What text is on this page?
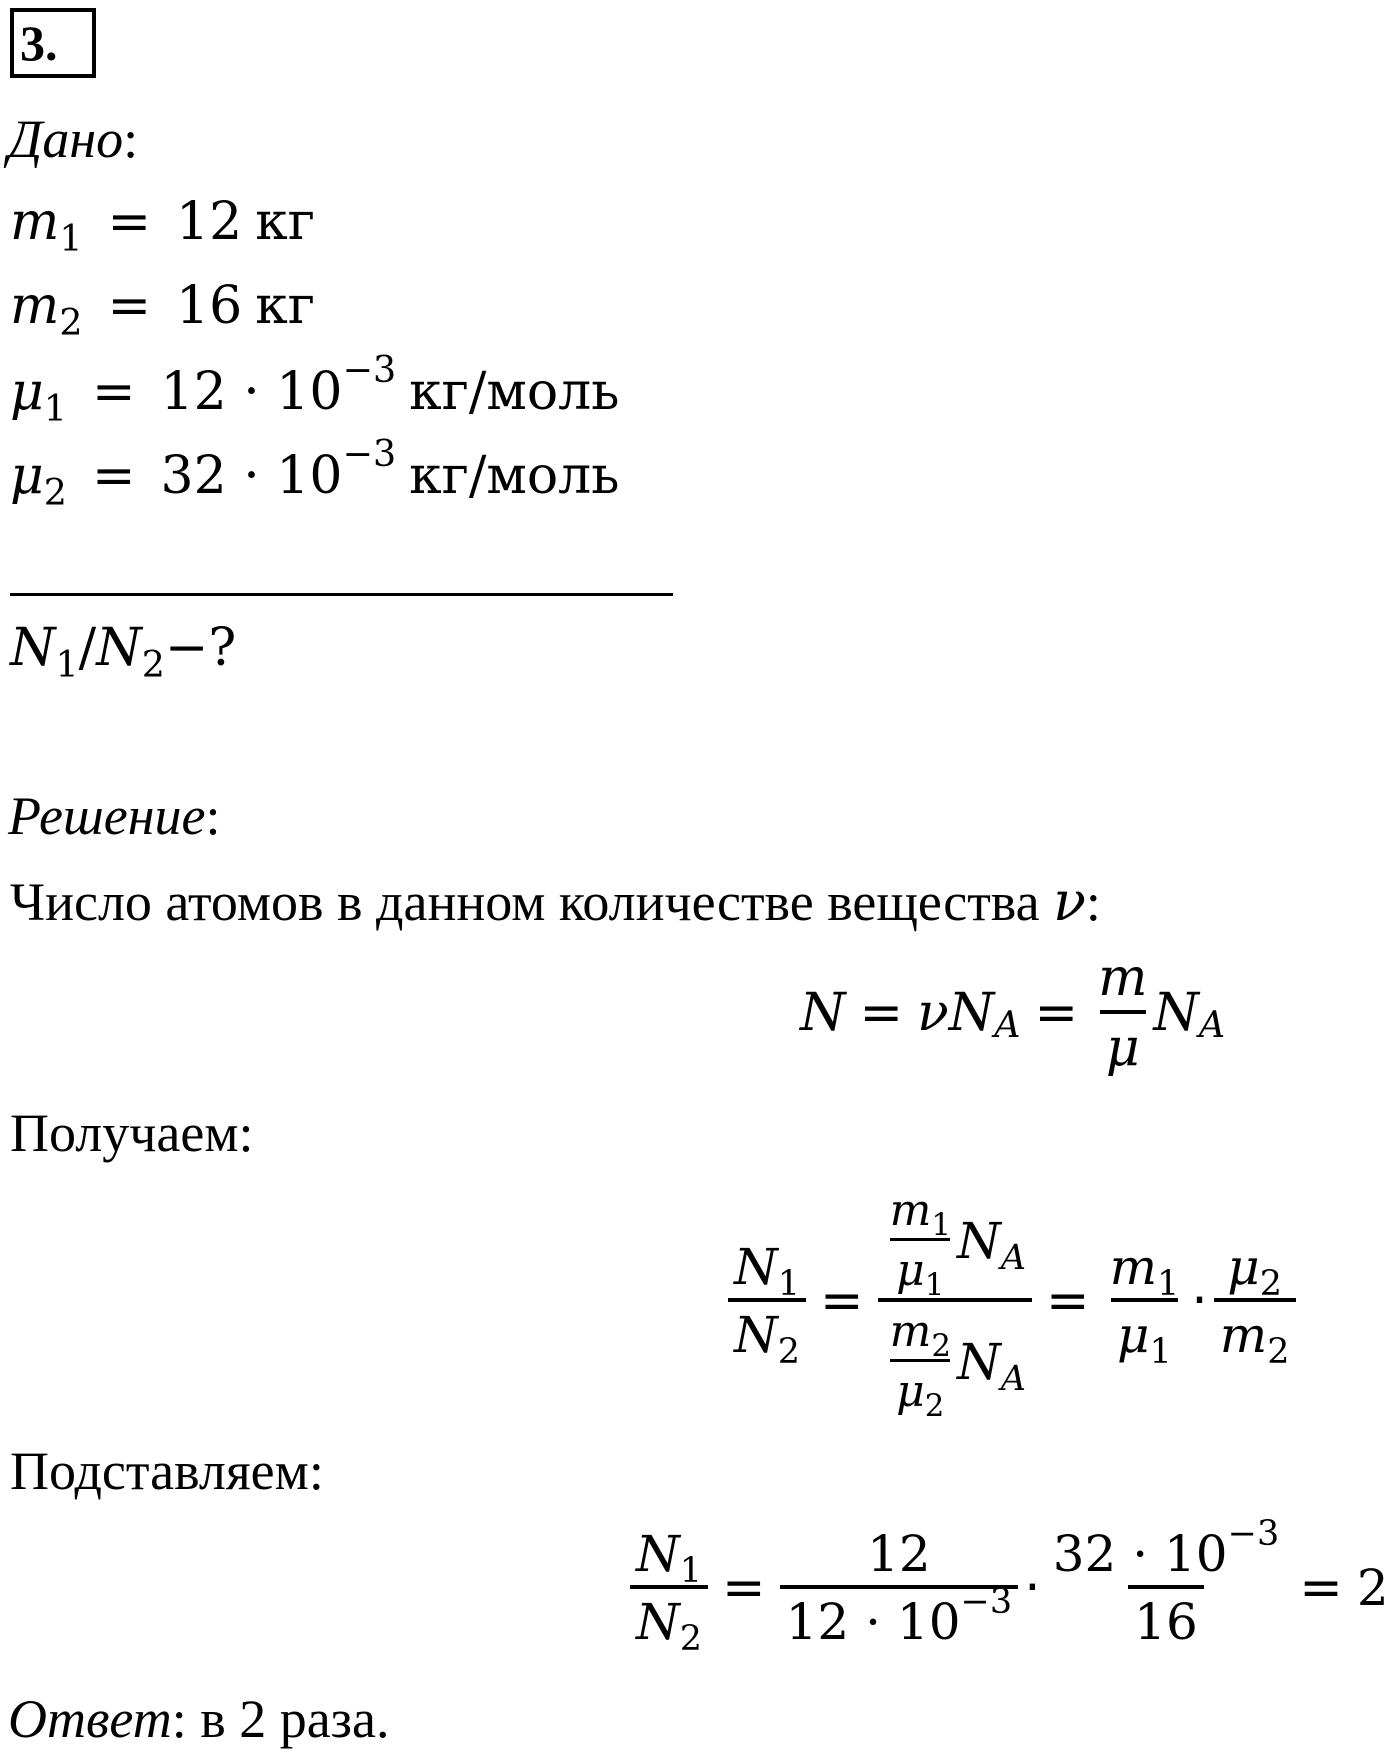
3.
Дано:
$m_1 = 12$ кг
$m_2 = 16$ кг
$\mu_1 = 12 \cdot 10^{-3}$ кг/моль
$\mu_2 = 32 \cdot 10^{-3}$ кг/моль
$N_1/N_2-$?
Решение:
Число атомов в данном количестве вещества ν:
N = ν N $A = \frac{m}{\mu}$ N A
Получаем:
$\frac{N_1}{N_2} = \frac{\frac{m_1}{\mu_1} N_A}{\frac{m_2}{\mu_2} N_A} = \frac{m_1}{\mu_1} \cdot \frac{\mu_2}{m_2}$
Подставляем:
$\frac{N_1}{N_2} = \frac{12}{12 \cdot 10^{-3}} \cdot \frac{32 \cdot 10^{-3}}{16} = 2$
Ответ: в 2 раза.
